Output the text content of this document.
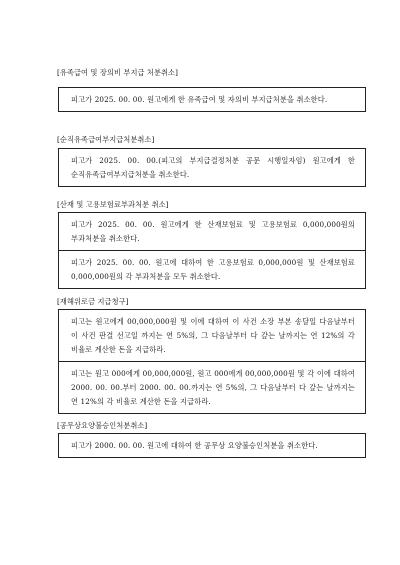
[유족급여 및 장의비 부지급 처분취소]
피고가 2025. 00. 00. 원고에게 한 유족급여 및 자의비 부지급처분을 취소한다.
[순직유족급여부지급처분취소]
피고가 2025. 00. 00.(피고의 부지급결정처분 공문 시행일자임) 원고에게 한 순직유족급여부지급처분을 취소한다.
[산재 및 고용보험료부과처분 취소]
피고가 2025. 00. 00. 원고에게 한 산재보험료 및 고용보험료 0,000,000원의 부과처분을 취소한다.
피고가 2025. 00. 00. 원고에 대하여 한 고용보험료 0,000,000원 및 산재보험료 0,000,000원의 각 부과처분을 모두 취소한다.
[재해위로금 지급청구]
피고는 원고에게 00,000,000원 및 이에 대하여 이 사건 소장 부본 송달일 다음날부터 이 사건 판결 선고일 까지는 연 5%의, 그 다음날부터 다 갚는 날까지는 연 12%의 각 비율로 계산한 돈을 지급하라.
피고는 원고 000에게 00,000,000원, 원고 000에게 00,000,000원 및 각 이에 대하여 2000. 00. 00.부터 2000. 00. 00.까지는 연 5%의, 그 다음날부터 다 갚는 날까지는 연 12%의 각 비율로 계산한 돈을 지급하라.
[공무상요양불승인처분취소]
피고가 2000. 00. 00. 원고에 대하여 한 공무상 요양불승인처분을 취소한다.
